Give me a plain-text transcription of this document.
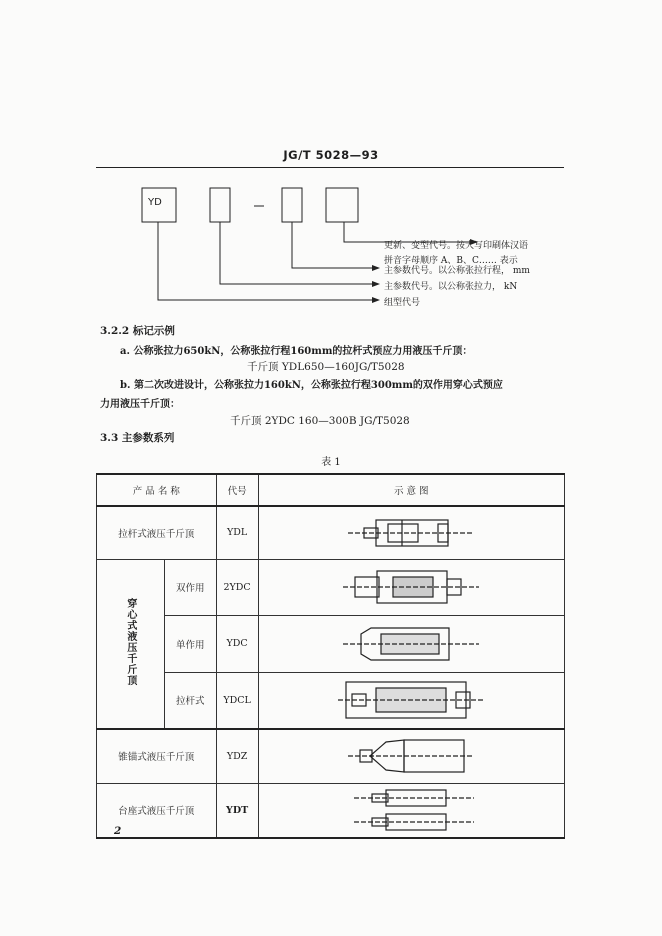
JG/T 5028—93
YD
更新、变型代号。按大写印刷体汉语
拼音字母顺序 A、B、C…… 表示
主参数代号。以公称张拉行程， mm
主参数代号。以公称张拉力， kN
组型代号
3.2.2 标记示例
a. 公称张拉力650kN，公称张拉行程160mm的拉杆式预应力用液压千斤顶：
千斤顶 YDL650—160JG/T5028
b. 第二次改进设计，公称张拉力160kN，公称张拉行程300mm的双作用穿心式预应
力用液压千斤顶：
千斤顶 2YDC 160—300B JG/T5028
3.3 主参数系列
表 1
产 品 名 称		代号	示 意 图
拉杆式液压千斤顶		YDL	

穿心式液压千斤顶	双作用	2YDC	

	单作用	YDC	

	拉杆式	YDCL	

锥锚式液压千斤顶		YDZ	

台座式液压千斤顶		YDT	
2
